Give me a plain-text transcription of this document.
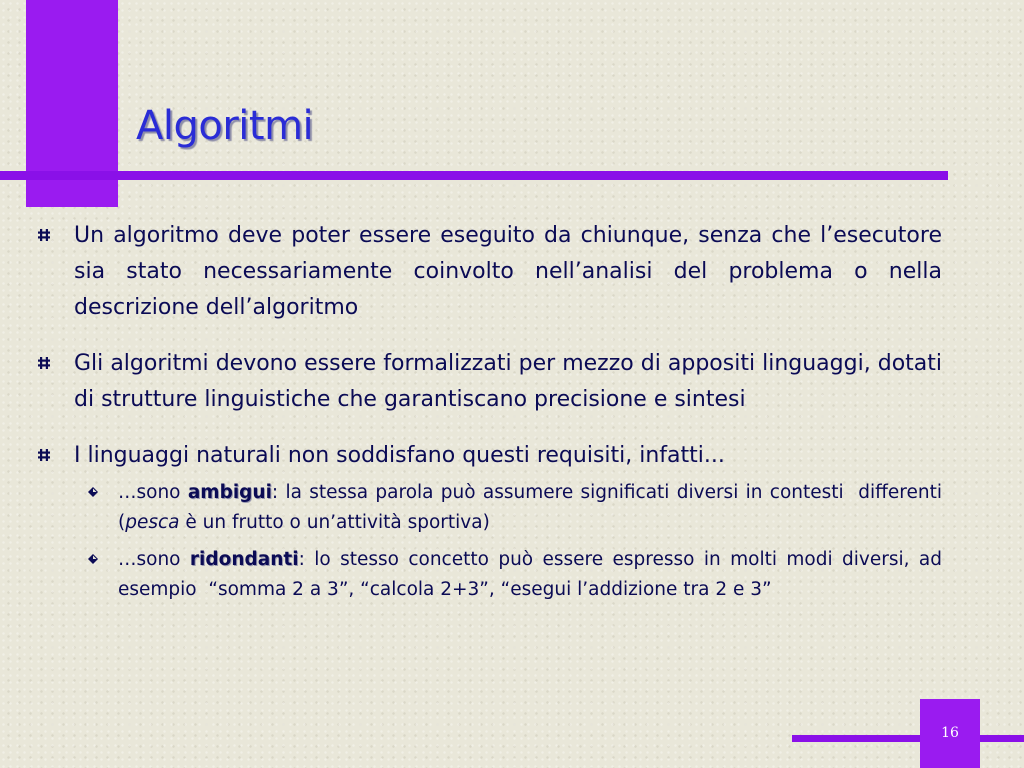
Algoritmi
Un algoritmo deve poter essere eseguito da chiunque, senza che l’esecutore sia stato necessariamente coinvolto nell’analisi del problema o nella descrizione dell’algoritmo
Gli algoritmi devono essere formalizzati per mezzo di appositi linguaggi, dotati di strutture linguistiche che garantiscano precisione e sintesi
I linguaggi naturali non soddisfano questi requisiti, infatti...
…sono ambigui: la stessa parola può assumere significati diversi in contesti  differenti (pesca è un frutto o un’attività sportiva)
…sono ridondanti: lo stesso concetto può essere espresso in molti modi diversi, ad esempio  “somma 2 a 3”, “calcola 2+3”, “esegui l’addizione tra 2 e 3”
16
